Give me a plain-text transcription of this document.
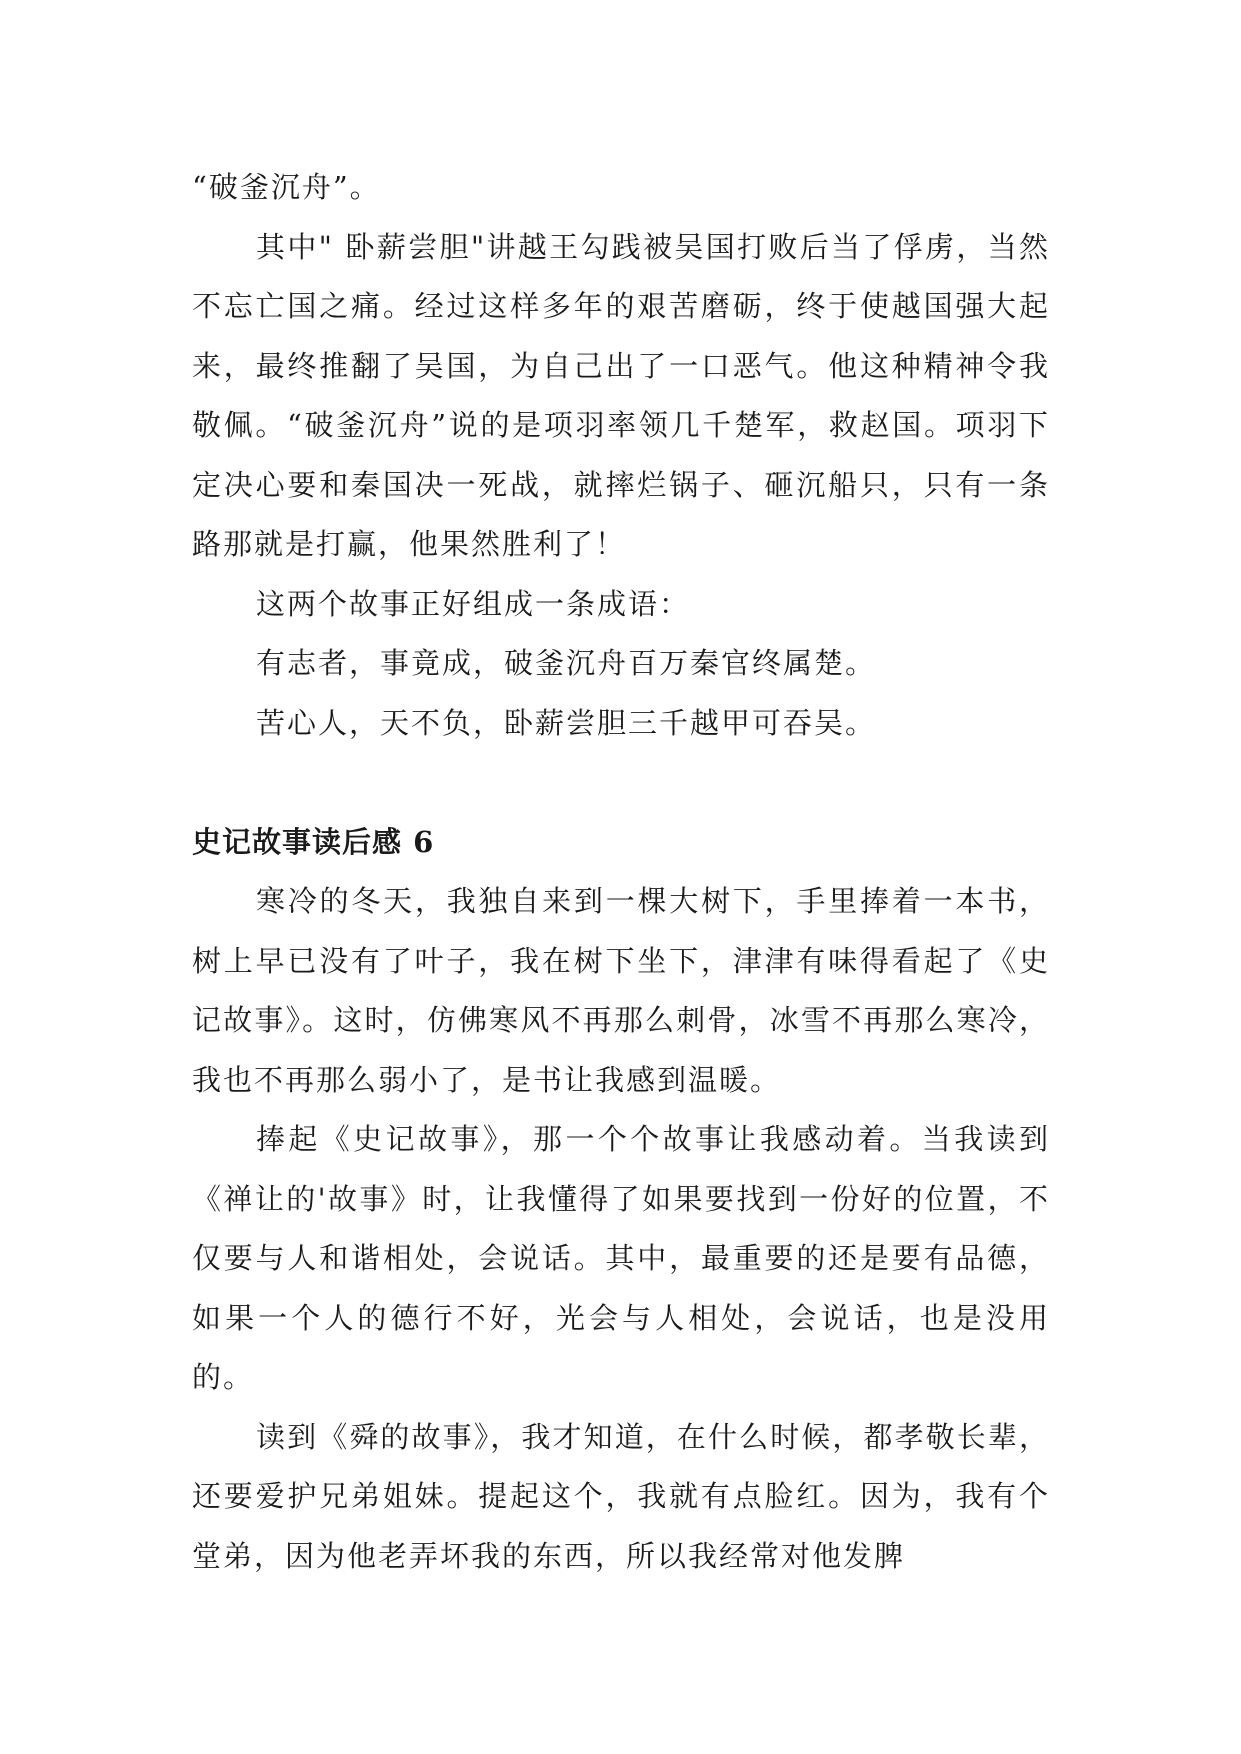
“破釜沉舟”。

其中" 卧薪尝胆"讲越王勾践被吴国打败后当了俘虏，当然不忘亡国之痛。经过这样多年的艰苦磨砺，终于使越国强大起来，最终推翻了吴国，为自己出了一口恶气。他这种精神令我敬佩。“破釜沉舟”说的是项羽率领几千楚军，救赵国。项羽下定决心要和秦国决一死战，就摔烂锅子、砸沉船只，只有一条路那就是打赢，他果然胜利了！

这两个故事正好组成一条成语：

有志者，事竟成，破釜沉舟百万秦官终属楚。

苦心人，天不负，卧薪尝胆三千越甲可吞吴。

史记故事读后感 6

寒冷的冬天，我独自来到一棵大树下，手里捧着一本书，树上早已没有了叶子，我在树下坐下，津津有味得看起了《史记故事》。这时，仿佛寒风不再那么刺骨，冰雪不再那么寒冷，我也不再那么弱小了，是书让我感到温暖。

捧起《史记故事》，那一个个故事让我感动着。当我读到《禅让的'故事》时，让我懂得了如果要找到一份好的位置，不仅要与人和谐相处，会说话。其中，最重要的还是要有品德，如果一个人的德行不好，光会与人相处，会说话，也是没用的。

读到《舜的故事》，我才知道，在什么时候，都孝敬长辈，还要爱护兄弟姐妹。提起这个，我就有点脸红。因为，我有个堂弟，因为他老弄坏我的东西，所以我经常对他发脾
